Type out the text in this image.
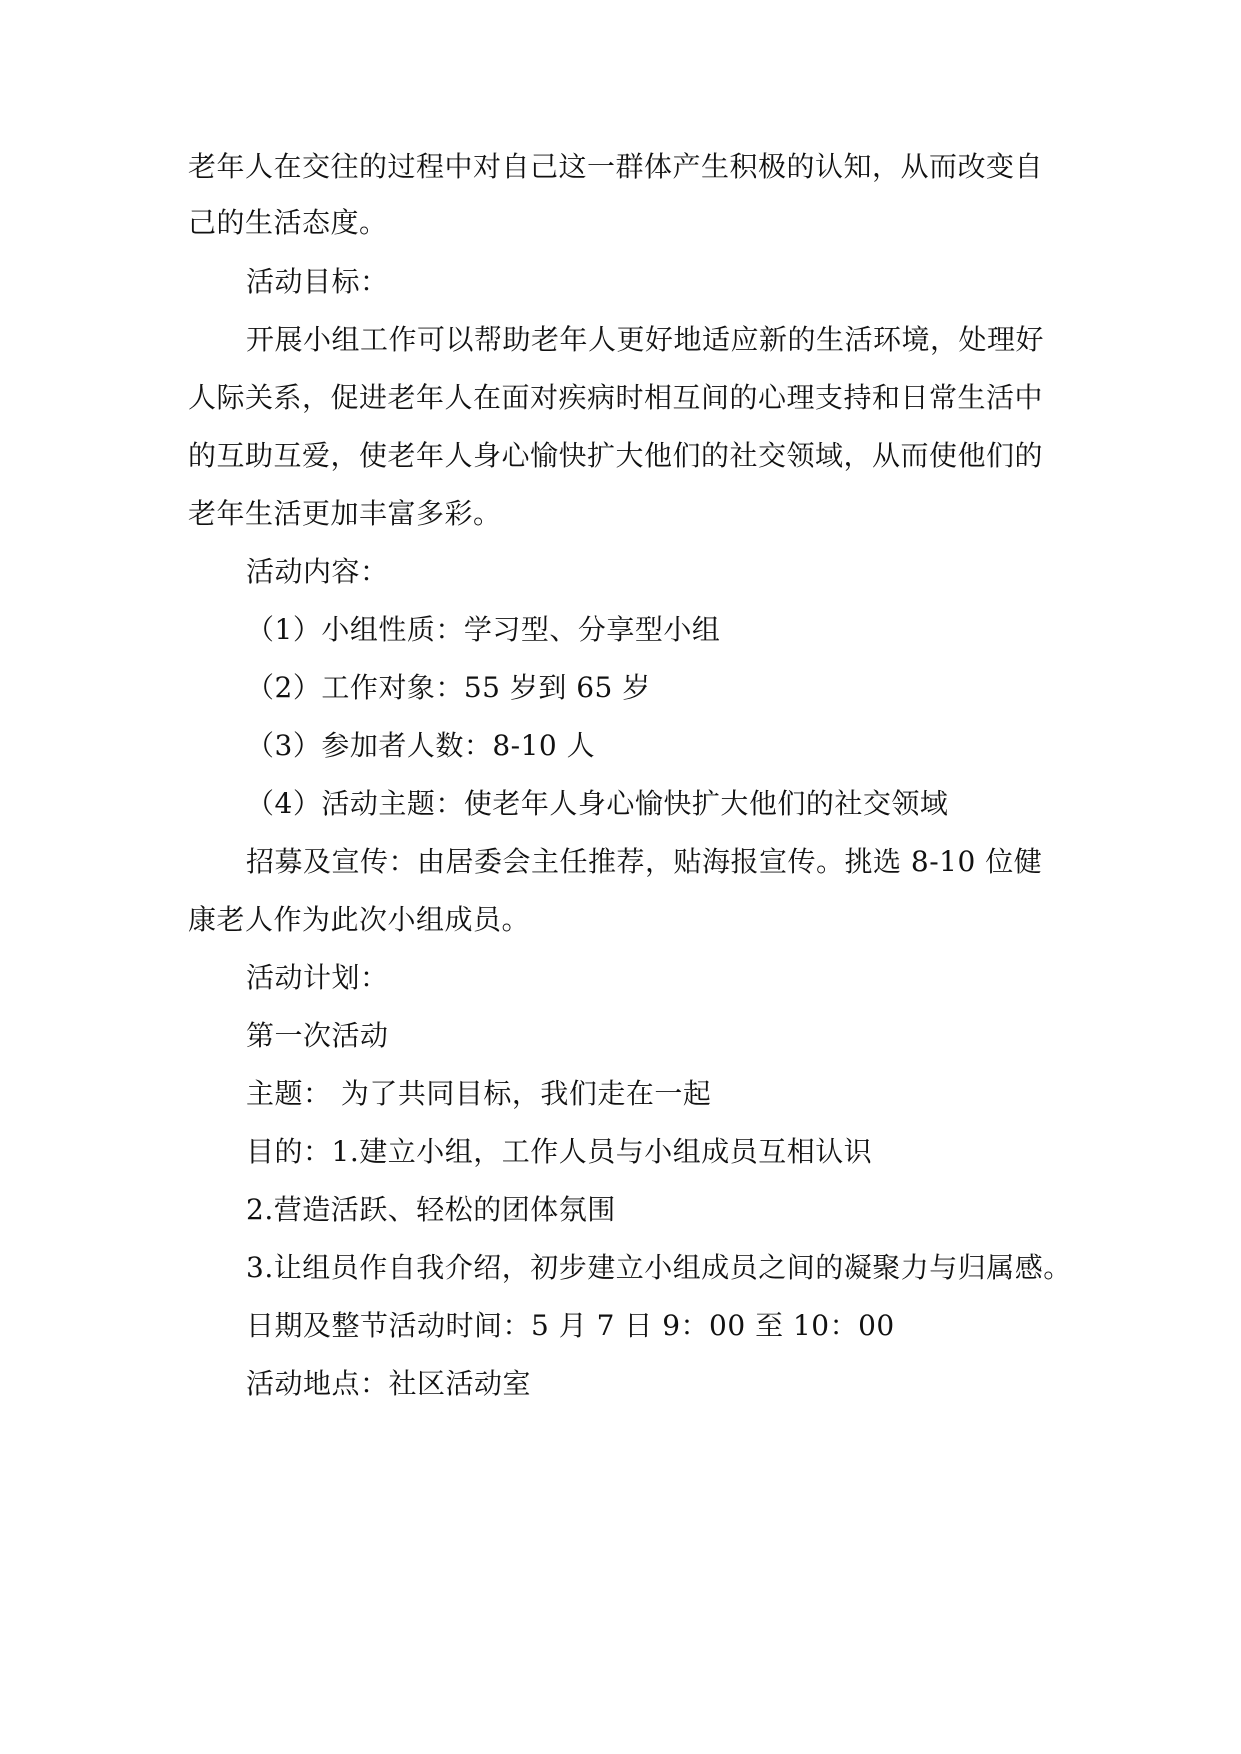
老年人在交往的过程中对自己这一群体产生积极的认知，从而改变自
己的生活态度。
活动目标：
开展小组工作可以帮助老年人更好地适应新的生活环境，处理好
人际关系，促进老年人在面对疾病时相互间的心理支持和日常生活中
的互助互爱，使老年人身心愉快扩大他们的社交领域，从而使他们的
老年生活更加丰富多彩。
活动内容：
（1）小组性质：学习型、分享型小组
（2）工作对象：55 岁到 65 岁
（3）参加者人数：8-10 人
（4）活动主题：使老年人身心愉快扩大他们的社交领域
招募及宣传：由居委会主任推荐，贴海报宣传。挑选 8-10 位健
康老人作为此次小组成员。
活动计划：
第一次活动
主题： 为了共同目标，我们走在一起
目的：1.建立小组，工作人员与小组成员互相认识
2.营造活跃、轻松的团体氛围
3.让组员作自我介绍，初步建立小组成员之间的凝聚力与归属感。
日期及整节活动时间：5 月 7 日 9：00 至 10：00
活动地点：社区活动室
